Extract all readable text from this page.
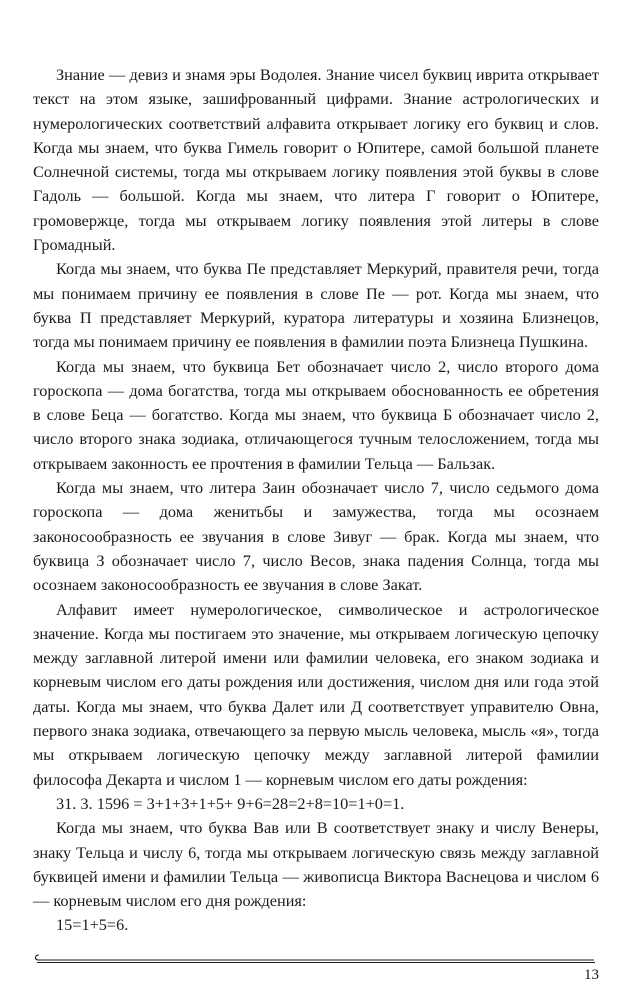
Знание — девиз и знамя эры Водолея. Знание чисел буквиц иврита открывает текст на этом языке, зашифрованный цифрами. Знание астрологических и нумерологических соответствий алфавита открывает логику его буквиц и слов. Когда мы знаем, что буква Гимель говорит о Юпитере, самой большой планете Солнечной системы, тогда мы открываем логику появления этой буквы в слове Гадоль — большой. Когда мы знаем, что литера Г говорит о Юпитере, громовержце, тогда мы открываем логику появления этой литеры в слове Громадный.

Когда мы знаем, что буква Пе представляет Меркурий, правителя речи, тогда мы понимаем причину ее появления в слове Пе — рот. Когда мы знаем, что буква П представляет Меркурий, куратора литературы и хозяина Близнецов, тогда мы понимаем причину ее появления в фамилии поэта Близнеца Пушкина.

Когда мы знаем, что буквица Бет обозначает число 2, число второго дома гороскопа — дома богатства, тогда мы открываем обоснованность ее обретения в слове Беца — богатство. Когда мы знаем, что буквица Б обозначает число 2, число второго знака зодиака, отличающегося тучным телосложением, тогда мы открываем законность ее прочтения в фамилии Тельца — Бальзак.

Когда мы знаем, что литера Заин обозначает число 7, число седьмого дома гороскопа — дома женитьбы и замужества, тогда мы осознаем законосообразность ее звучания в слове Зивуг — брак. Когда мы знаем, что буквица З обозначает число 7, число Весов, знака падения Солнца, тогда мы осознаем законосообразность ее звучания в слове Закат.

Алфавит имеет нумерологическое, символическое и астрологическое значение. Когда мы постигаем это значение, мы открываем логическую цепочку между заглавной литерой имени или фамилии человека, его знаком зодиака и корневым числом его даты рождения или достижения, числом дня или года этой даты. Когда мы знаем, что буква Далет или Д соответствует управителю Овна, первого знака зодиака, отвечающего за первую мысль человека, мысль «я», тогда мы открываем логическую цепочку между заглавной литерой фамилии философа Декарта и числом 1 — корневым числом его даты рождения:

31. 3. 1596 = 3+1+3+1+5+ 9+6=28=2+8=10=1+0=1.

Когда мы знаем, что буква Вав или В соответствует знаку и числу Венеры, знаку Тельца и числу 6, тогда мы открываем логическую связь между заглавной буквицей имени и фамилии Тельца — живописца Виктора Васнецова и числом 6 — корневым числом его дня рождения:

15=1+5=6.

13
